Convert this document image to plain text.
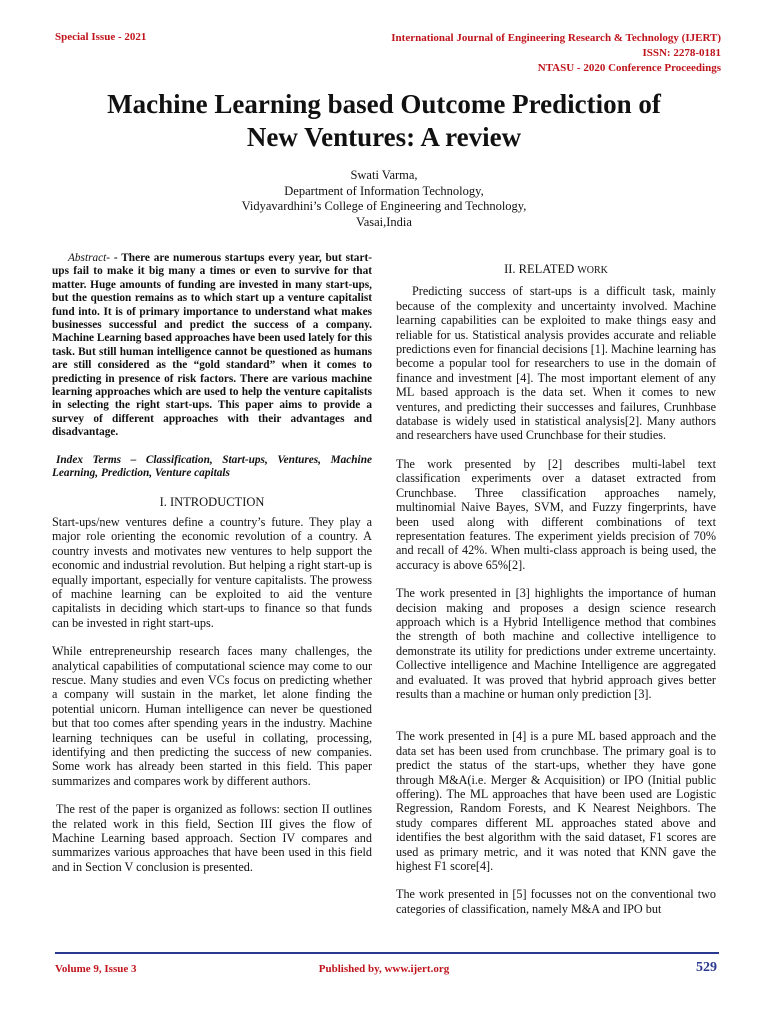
Special Issue - 2021	International Journal of Engineering Research & Technology (IJERT)
ISSN: 2278-0181
NTASU - 2020 Conference Proceedings
Machine Learning based Outcome Prediction of
New Ventures: A review
Swati Varma,
Department of Information Technology,
Vidyavardhini’s College of Engineering and Technology,
Vasai,India

Abstract- - There are numerous startups every year, but start-ups fail to make it big many a times or even to survive for that matter. Huge amounts of funding are invested in many start-ups, but the question remains as to which start up a venture capitalist fund into. It is of primary importance to understand what makes businesses successful and predict the success of a company. Machine Learning based approaches have been used lately for this task. But still human intelligence cannot be questioned as humans are still considered as the “gold standard” when it comes to predicting in presence of risk factors. There are various machine learning approaches which are used to help the venture capitalists in selecting the right start-ups. This paper aims to provide a survey of different approaches with their advantages and disadvantage.

Index Terms – Classification, Start-ups, Ventures, Machine Learning, Prediction, Venture capitals

I. INTRODUCTION

Start-ups/new ventures define a country’s future. They play a major role orienting the economic revolution of a country. A country invests and motivates new ventures to help support the economic and industrial revolution. But helping a right start-up is equally important, especially for venture capitalists. The prowess of machine learning can be exploited to aid the venture capitalists in deciding which start-ups to finance so that funds can be invested in right start-ups.

While entrepreneurship research faces many challenges, the analytical capabilities of computational science may come to our rescue. Many studies and even VCs focus on predicting whether a company will sustain in the market, let alone finding the potential unicorn. Human intelligence can never be questioned but that too comes after spending years in the industry. Machine learning techniques can be useful in collating, processing, identifying and then predicting the success of new companies. Some work has already been started in this field. This paper summarizes and compares work by different authors.

The rest of the paper is organized as follows: section II outlines the related work in this field, Section III gives the flow of Machine Learning based approach. Section IV compares and summarizes various approaches that have been used in this field and in Section V conclusion is presented.

II. RELATED WORK

Predicting success of start-ups is a difficult task, mainly because of the complexity and uncertainty involved. Machine learning capabilities can be exploited to make things easy and reliable for us. Statistical analysis provides accurate and reliable predictions even for financial decisions [1]. Machine learning has become a popular tool for researchers to use in the domain of finance and investment [4]. The most important element of any ML based approach is the data set. When it comes to new ventures, and predicting their successes and failures, Crunhbase database is widely used in statistical analysis[2]. Many authors and researchers have used Crunchbase for their studies.

The work presented by [2] describes multi-label text classification experiments over a dataset extracted from Crunchbase. Three classification approaches namely, multinomial Naive Bayes, SVM, and Fuzzy fingerprints, have been used along with different combinations of text representation features. The experiment yields precision of 70% and recall of 42%. When multi-class approach is being used, the accuracy is above 65%[2].

The work presented in [3] highlights the importance of human decision making and proposes a design science research approach which is a Hybrid Intelligence method that combines the strength of both machine and collective intelligence to demonstrate its utility for predictions under extreme uncertainty. Collective intelligence and Machine Intelligence are aggregated and evaluated. It was proved that hybrid approach gives better results than a machine or human only prediction [3].

The work presented in [4] is a pure ML based approach and the data set has been used from crunchbase. The primary goal is to predict the status of the start-ups, whether they have gone through M&A(i.e. Merger & Acquisition) or IPO (Initial public offering). The ML approaches that have been used are Logistic Regression, Random Forests, and K Nearest Neighbors. The study compares different ML approaches stated above and identifies the best algorithm with the said dataset, F1 scores are used as primary metric, and it was noted that KNN gave the highest F1 score[4].

The work presented in [5] focusses not on the conventional two categories of classification, namely M&A and IPO but

Volume 9, Issue 3	Published by, www.ijert.org	529
